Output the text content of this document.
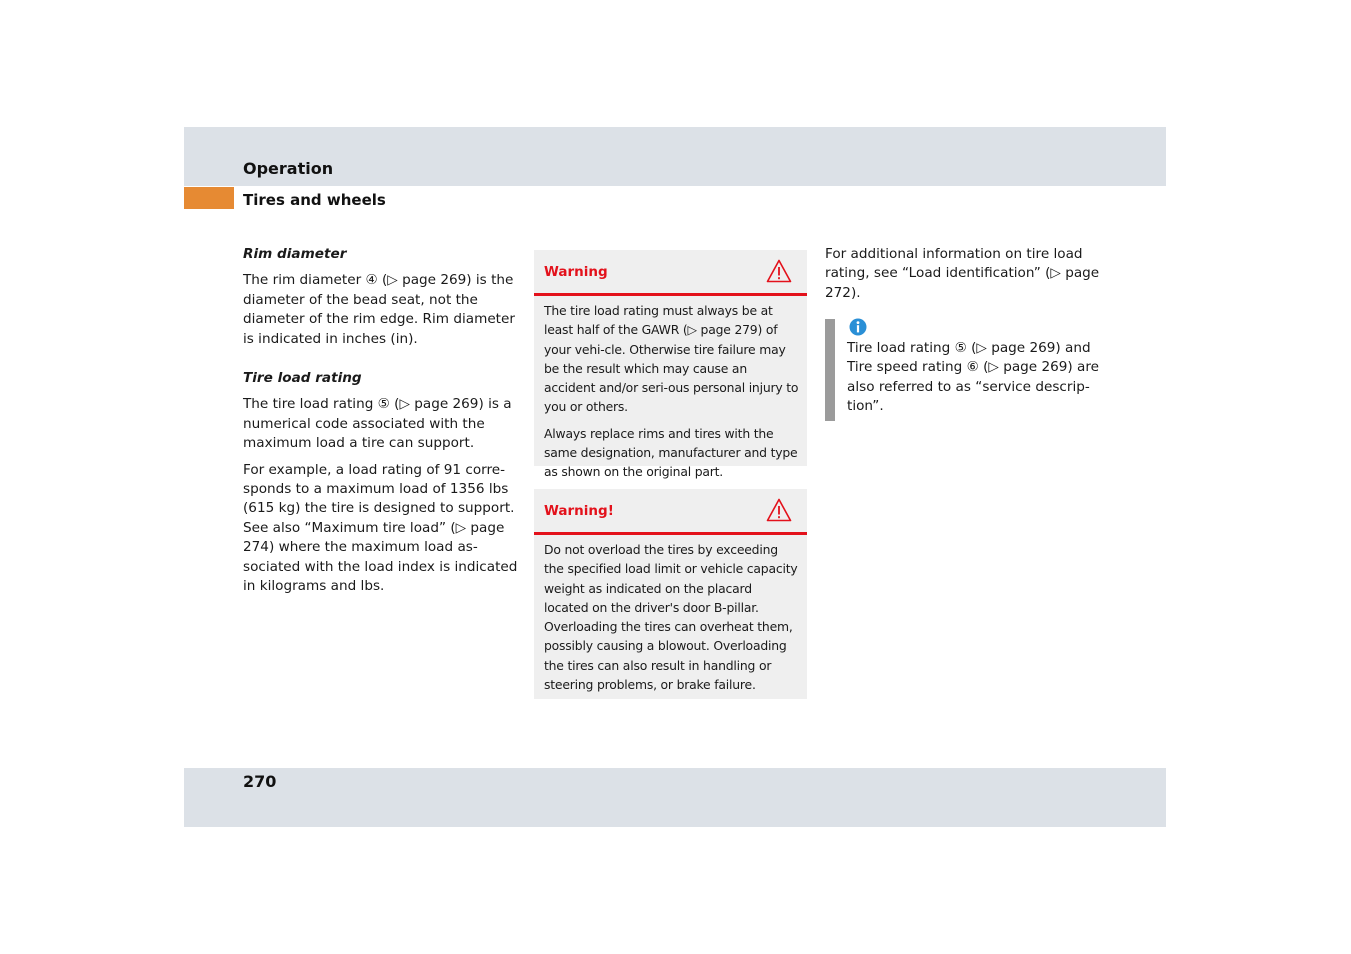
Operation
Tires and wheels
Rim diameter

The rim diameter ④ (▷ page 269) is the diameter of the bead seat, not the diameter of the rim edge. Rim diameter is indicated in inches (in).

Tire load rating

The tire load rating ⑤ (▷ page 269) is a numerical code associated with the maximum load a tire can support.

For example, a load rating of 91 corre-sponds to a maximum load of 1356 lbs (615 kg) the tire is designed to support. See also “Maximum tire load” (▷ page 274) where the maximum load as-sociated with the load index is indicated in kilograms and lbs.

Warning

The tire load rating must always be at least half of the GAWR (▷ page 279) of your vehi-cle. Otherwise tire failure may be the result which may cause an accident and/or seri-ous personal injury to you or others.

Always replace rims and tires with the same designation, manufacturer and type as shown on the original part.

Warning!

Do not overload the tires by exceeding the specified load limit or vehicle capacity weight as indicated on the placard located on the driver's door B-pillar. Overloading the tires can overheat them, possibly causing a blowout. Overloading the tires can also result in handling or steering problems, or brake failure.

For additional information on tire load rating, see “Load identification” (▷ page 272).
Tire load rating ⑤ (▷ page 269) and Tire speed rating ⑥ (▷ page 269) are also referred to as “service descrip-tion”.
270
